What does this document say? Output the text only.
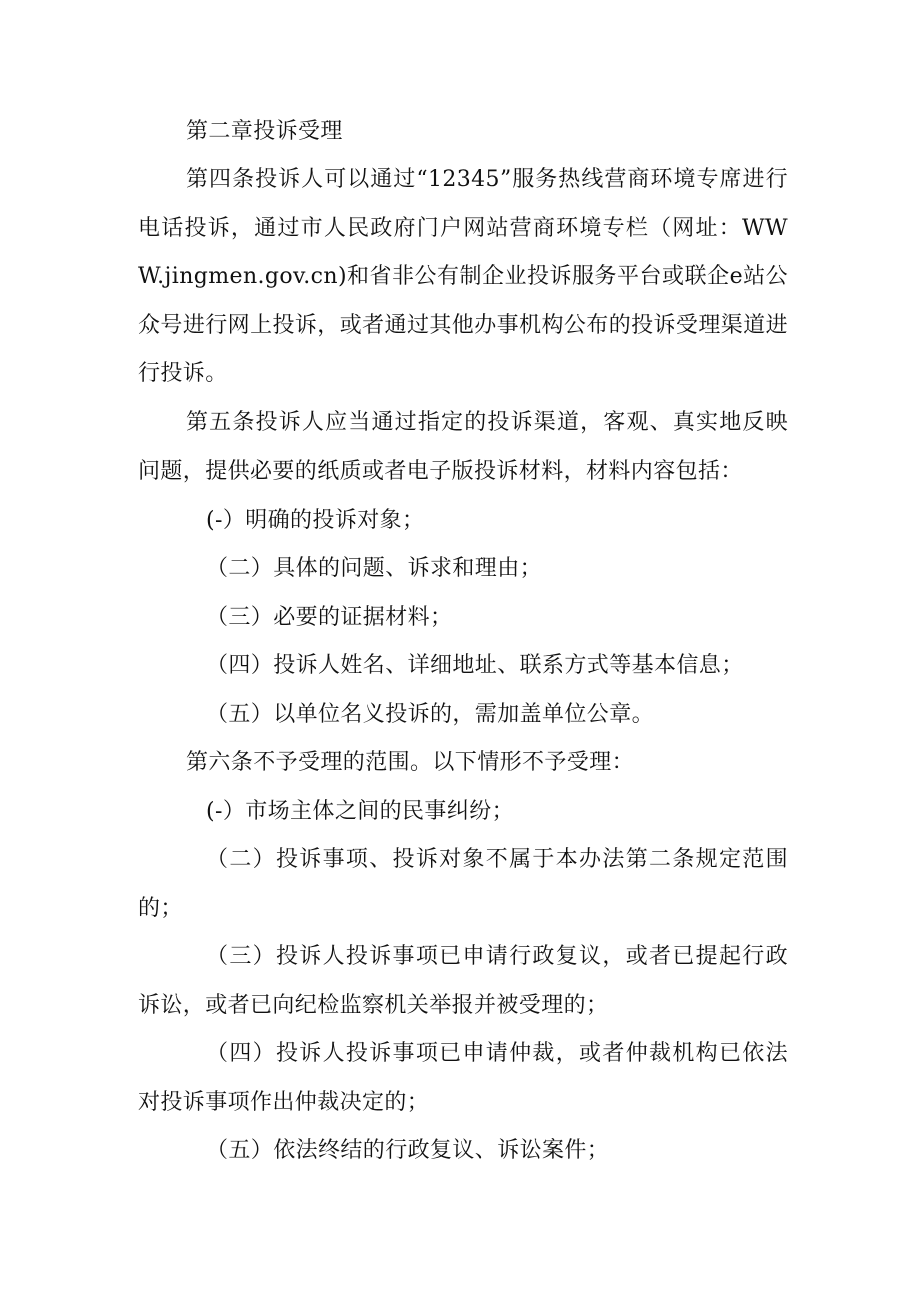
第二章投诉受理

第四条投诉人可以通过“12345”服务热线营商环境专席进行电话投诉，通过市人民政府门户网站营商环境专栏（网址：WWW.jingmen.gov.cn)和省非公有制企业投诉服务平台或联企e站公众号进行网上投诉，或者通过其他办事机构公布的投诉受理渠道进行投诉。

第五条投诉人应当通过指定的投诉渠道，客观、真实地反映问题，提供必要的纸质或者电子版投诉材料，材料内容包括：

(-）明确的投诉对象；

（二）具体的问题、诉求和理由；

（三）必要的证据材料；

（四）投诉人姓名、详细地址、联系方式等基本信息；

（五）以单位名义投诉的，需加盖单位公章。

第六条不予受理的范围。以下情形不予受理：

(-）市场主体之间的民事纠纷；

（二）投诉事项、投诉对象不属于本办法第二条规定范围的；

（三）投诉人投诉事项已申请行政复议，或者已提起行政诉讼，或者已向纪检监察机关举报并被受理的；

（四）投诉人投诉事项已申请仲裁，或者仲裁机构已依法对投诉事项作出仲裁决定的；

（五）依法终结的行政复议、诉讼案件；
